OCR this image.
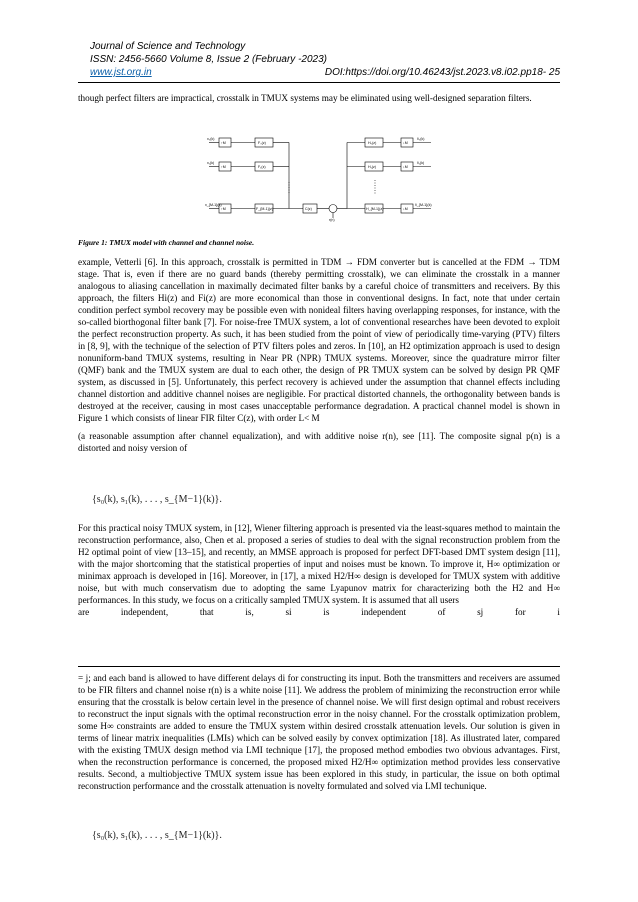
Journal of Science and Technology
ISSN: 2456-5660 Volume 8, Issue 2 (February -2023)
www.jst.org.in	DOI:https://doi.org/10.46243/jst.2023.v8.i02.pp18- 25

though perfect filters are impractical, crosstalk in TMUX systems may be eliminated using well-designed separation filters.

x₀(k)
x₁(k)
x_{M-1}(k)
↑M
↑M
↑M
F₀(z)
F₁(z)
F_{M-1}(z)	C(z)
r(n)
H₀(z)
H₁(z)
H_{M-1}(z)
↓M
↓M
↓M
x̂₀(k)
x̂₁(k)
x̂_{M-1}(k)
Figure 1: TMUX model with channel and channel noise.

example, Vetterli [6]. In this approach, crosstalk is permitted in TDM → FDM converter but is cancelled at the FDM → TDM stage. That is, even if there are no guard bands (thereby permitting crosstalk), we can eliminate the crosstalk in a manner analogous to aliasing cancellation in maximally decimated filter banks by a careful choice of transmitters and receivers. By this approach, the filters Hi(z) and Fi(z) are more economical than those in conventional designs. In fact, note that under certain condition perfect symbol recovery may be possible even with nonideal filters having overlapping responses, for instance, with the so-called biorthogonal filter bank [7]. For noise-free TMUX system, a lot of conventional researches have been devoted to exploit the perfect reconstruction property. As such, it has been studied from the point of view of periodically time-varying (PTV) filters in [8, 9], with the technique of the selection of PTV filters poles and zeros. In [10], an H2 optimization approach is used to design nonuniform-band TMUX systems, resulting in Near PR (NPR) TMUX systems. Moreover, since the quadrature mirror filter (QMF) bank and the TMUX system are dual to each other, the design of PR TMUX system can be solved by design PR QMF system, as discussed in [5]. Unfortunately, this perfect recovery is achieved under the assumption that channel effects including channel distortion and additive channel noises are negligible. For practical distorted channels, the orthogonality between bands is destroyed at the receiver, causing in most cases unacceptable performance degradation. A practical channel model is shown in Figure 1 which consists of linear FIR filter C(z), with order L< M

(a reasonable assumption after channel equalization), and with additive noise r(n), see [11]. The composite signal p(n) is a distorted and noisy version of

{s₀(k), s₁(k), . . . , s_{M−1}(k)}.

For this practical noisy TMUX system, in [12], Wiener filtering approach is presented via the least-squares method to maintain the reconstruction performance, also, Chen et al. proposed a series of studies to deal with the signal reconstruction problem from the H2 optimal point of view [13–15], and recently, an MMSE approach is proposed for perfect DFT-based DMT system design [11], with the major shortcoming that the statistical properties of input and noises must be known. To improve it, H∞ optimization or minimax approach is developed in [16]. Moreover, in [17], a mixed H2/H∞ design is developed for TMUX system with additive noise, but with much conservatism due to adopting the same Lyapunov matrix for characterizing both the H2 and H∞ performances. In this study, we focus on a critically sampled TMUX system. It is assumed that all users

are	independent,	that	is,	si	is	independent	of	sj	for	i

= j; and each band is allowed to have different delays di for constructing its input. Both the transmitters and receivers are assumed to be FIR filters and channel noise r(n) is a white noise [11]. We address the problem of minimizing the reconstruction error while ensuring that the crosstalk is below certain level in the presence of channel noise. We will first design optimal and robust receivers to reconstruct the input signals with the optimal reconstruction error in the noisy channel. For the crosstalk optimization problem, some H∞ constraints are added to ensure the TMUX system within desired crosstalk attenuation levels. Our solution is given in terms of linear matrix inequalities (LMIs) which can be solved easily by convex optimization [18]. As illustrated later, compared with the existing TMUX design method via LMI technique [17], the proposed method embodies two obvious advantages. First, when the reconstruction performance is concerned, the proposed mixed H2/H∞ optimization method provides less conservative results. Second, a multiobjective TMUX system issue has been explored in this study, in particular, the issue on both optimal reconstruction performance and the crosstalk attenuation is novelty formulated and solved via LMI techunique.

{s₀(k), s₁(k), . . . , s_{M−1}(k)}.
